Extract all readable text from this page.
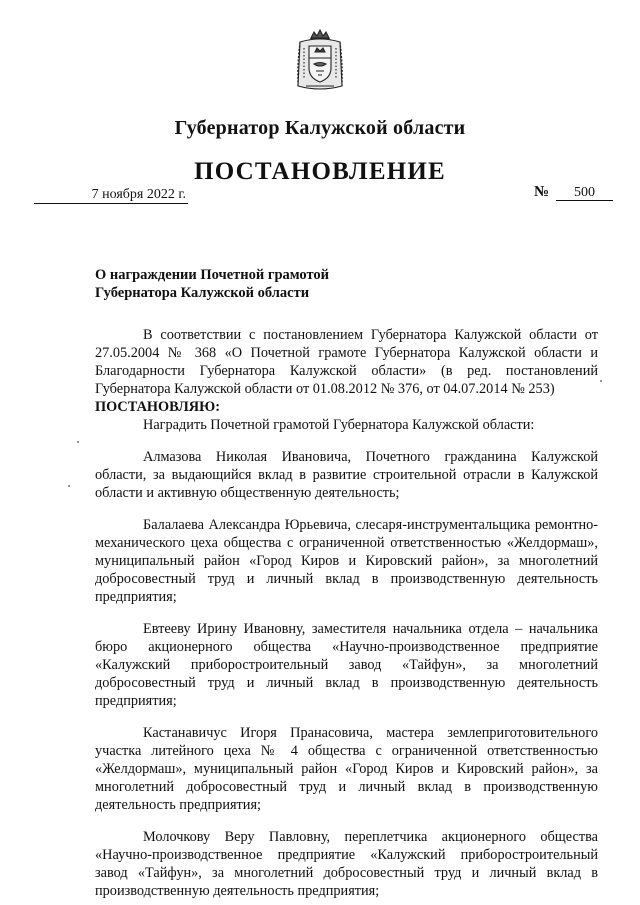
Губернатор Калужской области
ПОСТАНОВЛЕНИЕ
7 ноября 2022 г.	№	500
О награждении Почетной грамотой
Губернатора Калужской области

В соответствии с постановлением Губернатора Калужской области от 27.05.2004 № 368 «О Почетной грамоте Губернатора Калужской области и Благодарности Губернатора Калужской области» (в ред. постановлений Губернатора Калужской области от 01.08.2012 № 376, от 04.07.2014 № 253)

ПОСТАНОВЛЯЮ:

Наградить Почетной грамотой Губернатора Калужской области:

Алмазова Николая Ивановича, Почетного гражданина Калужской области, за выдающийся вклад в развитие строительной отрасли в Калужской области и активную общественную деятельность;

Балалаева Александра Юрьевича, слесаря-инструментальщика ремонтно-механического цеха общества с ограниченной ответственностью «Желдормаш», муниципальный район «Город Киров и Кировский район», за многолетний добросовестный труд и личный вклад в производственную деятельность предприятия;

Евтееву Ирину Ивановну, заместителя начальника отдела – начальника бюро акционерного общества «Научно-производственное предприятие «Калужский приборостроительный завод «Тайфун», за многолетний добросовестный труд и личный вклад в производственную деятельность предприятия;

Кастанавичус Игоря Пранасовича, мастера землеприготовительного участка литейного цеха № 4 общества с ограниченной ответственностью «Желдормаш», муниципальный район «Город Киров и Кировский район», за многолетний добросовестный труд и личный вклад в производственную деятельность предприятия;

Молочкову Веру Павловну, переплетчика акционерного общества «Научно-производственное предприятие «Калужский приборостроительный завод «Тайфун», за многолетний добросовестный труд и личный вклад в производственную деятельность предприятия;
